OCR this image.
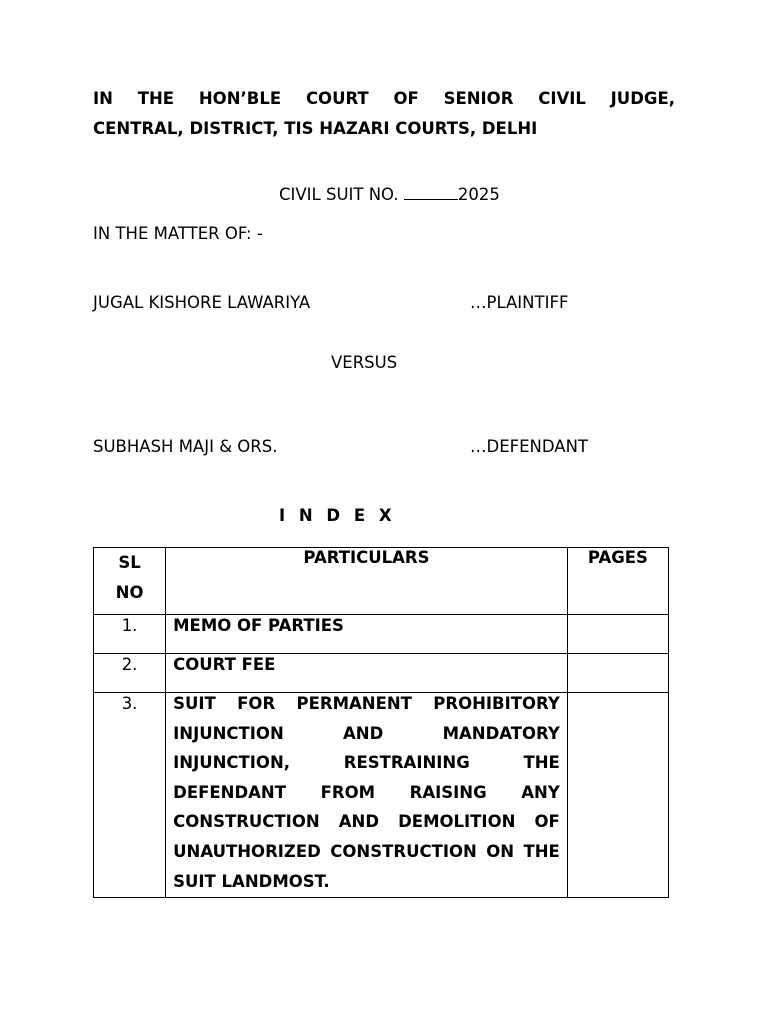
IN THE HON’BLE COURT OF SENIOR CIVIL JUDGE,
CENTRAL, DISTRICT, TIS HAZARI COURTS, DELHI
CIVIL SUIT NO.	2025
IN THE MATTER OF: -
JUGAL KISHORE LAWARIYA	…PLAINTIFF
VERSUS
SUBHASH MAJI & ORS.	…DEFENDANT
I N D E X
SL
NO	PARTICULARS	PAGES
1.	MEMO OF PARTIES	
2.	COURT FEE	
3.	SUIT FOR PERMANENT PROHIBITORY INJUNCTION AND MANDATORY INJUNCTION, RESTRAINING THE DEFENDANT FROM RAISING ANY CONSTRUCTION AND DEMOLITION OF UNAUTHORIZED CONSTRUCTION ON THE SUIT LANDMOST.	
